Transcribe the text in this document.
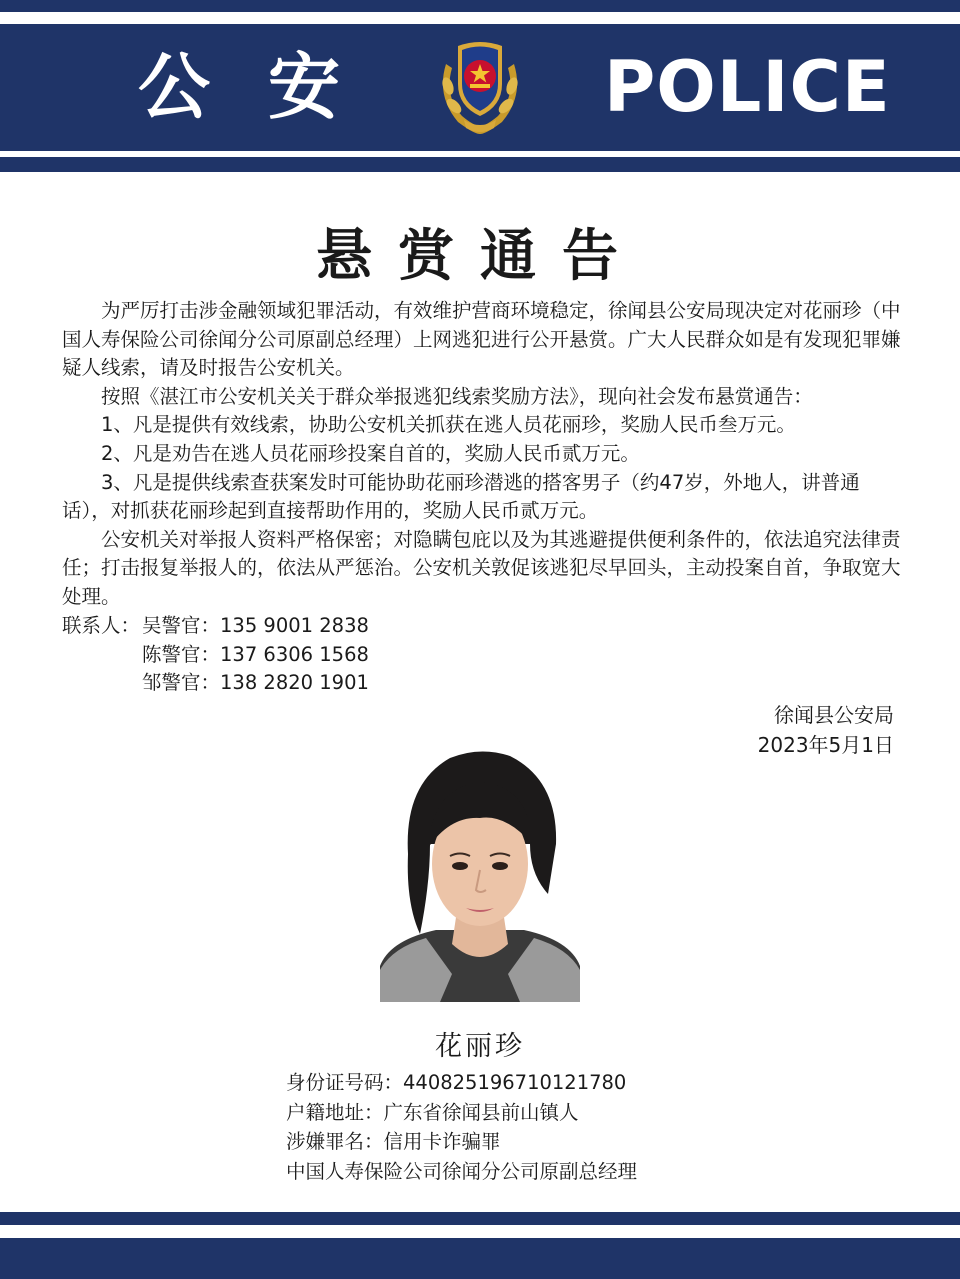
公安	POLICE
悬赏通告

为严厉打击涉金融领域犯罪活动，有效维护营商环境稳定，徐闻县公安局现决定对花丽珍（中国人寿保险公司徐闻分公司原副总经理）上网逃犯进行公开悬赏。广大人民群众如是有发现犯罪嫌疑人线索，请及时报告公安机关。

按照《湛江市公安机关关于群众举报逃犯线索奖励方法》，现向社会发布悬赏通告：

1、凡是提供有效线索，协助公安机关抓获在逃人员花丽珍，奖励人民币叁万元。

2、凡是劝告在逃人员花丽珍投案自首的，奖励人民币贰万元。

3、凡是提供线索查获案发时可能协助花丽珍潜逃的搭客男子（约47岁，外地人，讲普通话），对抓获花丽珍起到直接帮助作用的，奖励人民币贰万元。

公安机关对举报人资料严格保密；对隐瞒包庇以及为其逃避提供便利条件的，依法追究法律责任；打击报复举报人的，依法从严惩治。公安机关敦促该逃犯尽早回头，主动投案自首，争取宽大处理。

联系人： 吴警官：135 9001 2838
陈警官：137 6306 1568
邹警官：138 2820 1901
徐闻县公安局
2023年5月1日
花丽珍
身份证号码：440825196710121780
户籍地址：广东省徐闻县前山镇人
涉嫌罪名：信用卡诈骗罪
中国人寿保险公司徐闻分公司原副总经理
